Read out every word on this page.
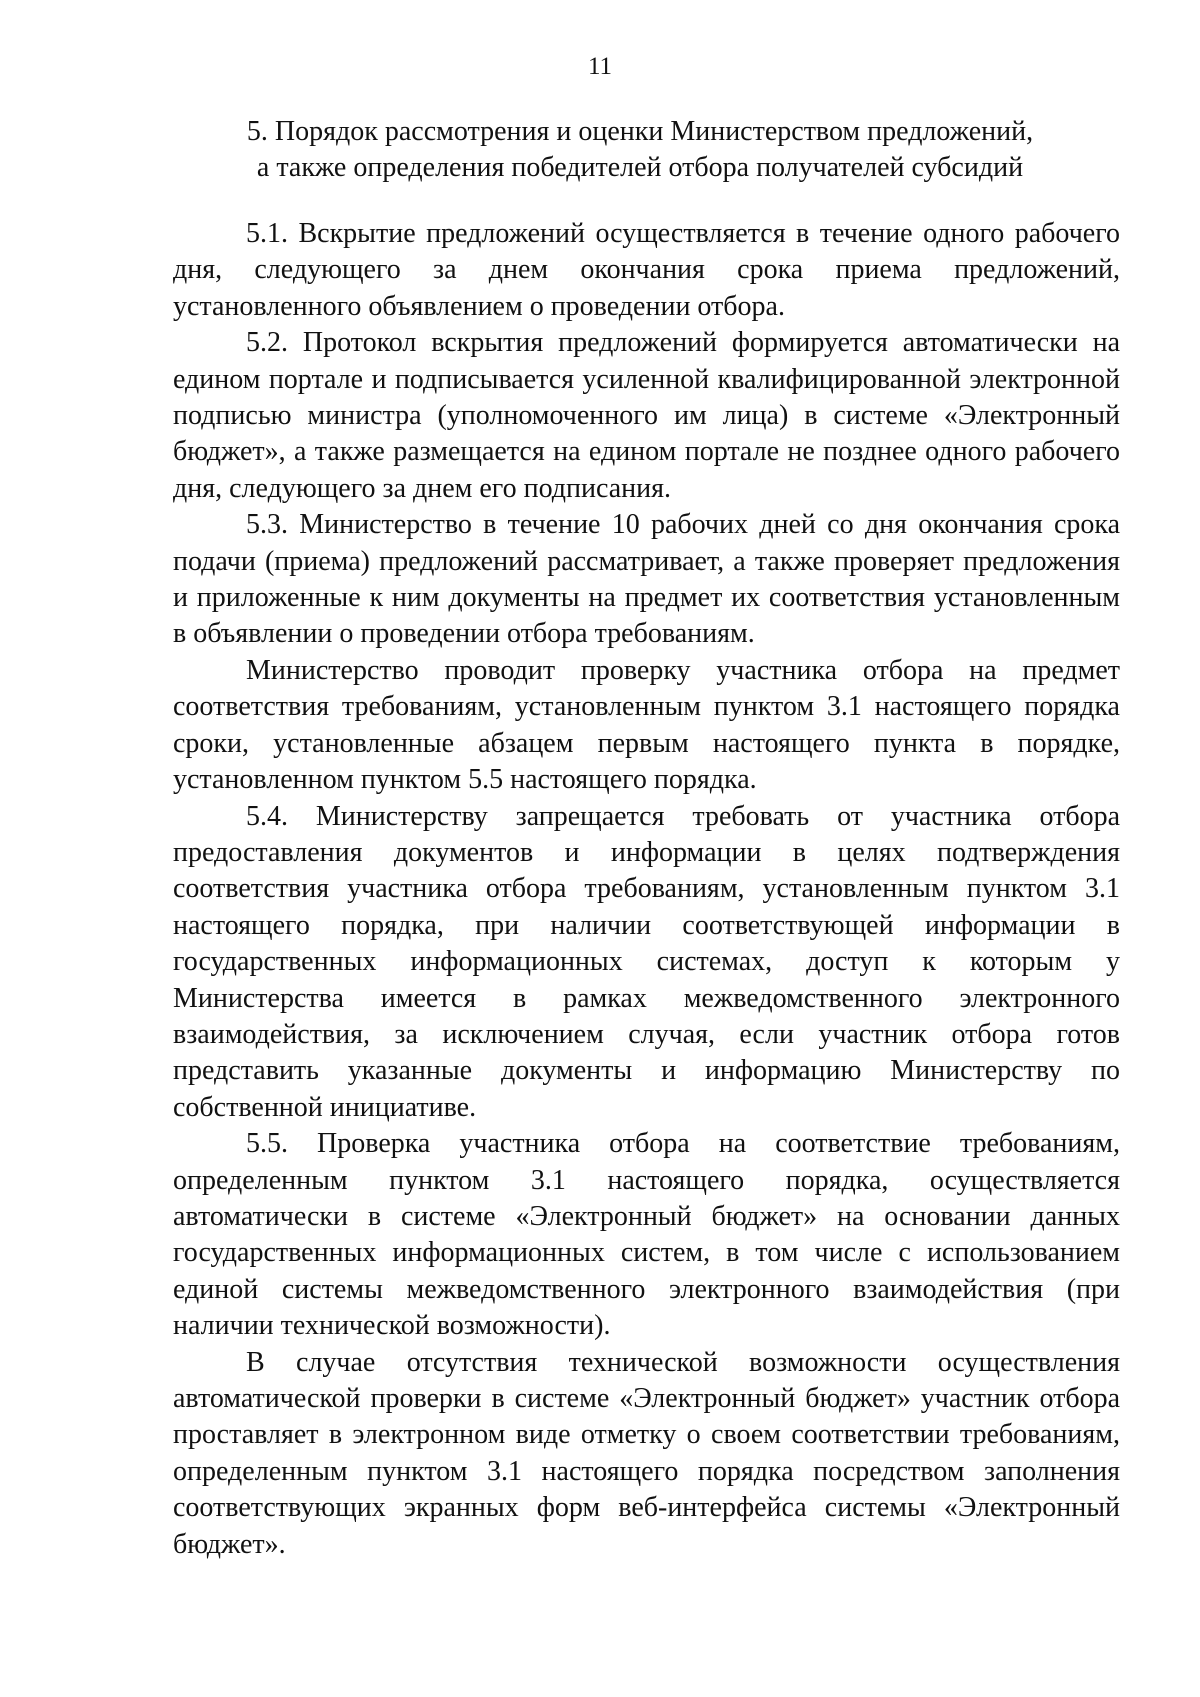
11
5. Порядок рассмотрения и оценки Министерством предложений,
а также определения победителей отбора получателей субсидий

5.1. Вскрытие предложений осуществляется в течение одного рабочего дня, следующего за днем окончания срока приема предложений, установленного объявлением о проведении отбора.

5.2. Протокол вскрытия предложений формируется автоматически на едином портале и подписывается усиленной квалифицированной электронной подписью министра (уполномоченного им лица) в системе «Электронный бюджет», а также размещается на едином портале не позднее одного рабочего дня, следующего за днем его подписания.

5.3. Министерство в течение 10 рабочих дней со дня окончания срока подачи (приема) предложений рассматривает, а также проверяет предложения и приложенные к ним документы на предмет их соответствия установленным в объявлении о проведении отбора требованиям.

Министерство проводит проверку участника отбора на предмет соответствия требованиям, установленным пунктом 3.1 настоящего порядка сроки, установленные абзацем первым настоящего пункта в порядке, установленном пунктом 5.5 настоящего порядка.

5.4. Министерству запрещается требовать от участника отбора предоставления документов и информации в целях подтверждения соответствия участника отбора требованиям, установленным пунктом 3.1 настоящего порядка, при наличии соответствующей информации в государственных информационных системах, доступ к которым у Министерства имеется в рамках межведомственного электронного взаимодействия, за исключением случая, если участник отбора готов представить указанные документы и информацию Министерству по собственной инициативе.

5.5. Проверка участника отбора на соответствие требованиям, определенным пунктом 3.1 настоящего порядка, осуществляется автоматически в системе «Электронный бюджет» на основании данных государственных информационных систем, в том числе с использованием единой системы межведомственного электронного взаимодействия (при наличии технической возможности).

В случае отсутствия технической возможности осуществления автоматической проверки в системе «Электронный бюджет» участник отбора проставляет в электронном виде отметку о своем соответствии требованиям, определенным пунктом 3.1 настоящего порядка посредством заполнения соответствующих экранных форм веб-интерфейса системы «Электронный бюджет».
